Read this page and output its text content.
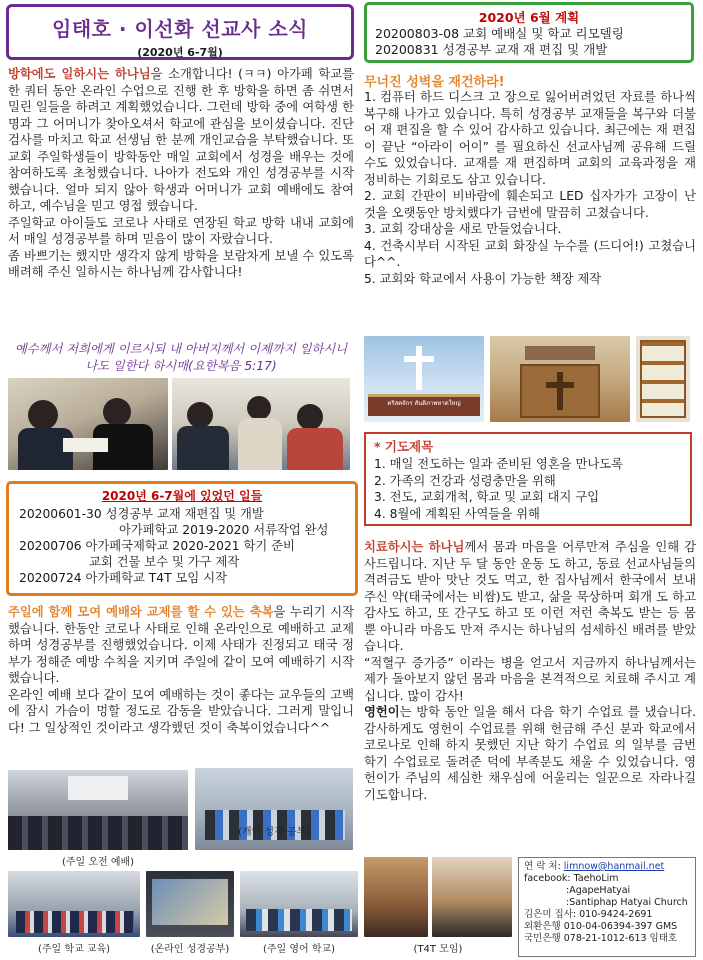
임태호 · 이선화 선교사 소식
(2020년 6-7월)
2020년 6월 계획
20200803-08 교회 예배실 및 학교 리모델링
20200831 성경공부 교재 재 편집 및 개발

방학에도 일하시는 하나님을 소개합니다! (ㅋㅋ) 아가페 학교를 한 쿼터 동안 온라인 수업으로 진행 한 후 방학을 하면 좀 쉬면서 밀린 일들을 하려고 계획했었습니다. 그런데 방학 중에 여학생 한 명과 그 어머니가 찾아오셔서 학교에 관심을 보이셨습니다. 진단검사를 마치고 학교 선생님 한 분께 개인교습을 부탁했습니다. 또 교회 주일학생들이 방학동안 매일 교회에서 성경을 배우는 것에 참여하도록 초청했습니다. 나아가 전도와 개인 성경공부를 시작했습니다. 얼마 되지 않아 학생과 어머니가 교회 예배에도 참여 하고, 예수님을 믿고 영접 했습니다.

주일학교 아이들도 코로나 사태로 연장된 학교 방학 내내 교회에서 매일 성경공부를 하며 믿음이 많이 자랐습니다.

좀 바쁘기는 했지만 생각지 않게 방학을 보람차게 보낼 수 있도록 배려해 주신 일하시는 하나님께 감사합니다!

예수께서 저희에게 이르시되 내 아버지께서 이제까지 일하시니 나도 일한다 하시매(요한복음 5:17)
2020년 6-7월에 있었던 일들
20200601-30 성경공부 교재 재편집 및 개발
아가페학교 2019-2020 서류작업 완성
20200706 아가페국제학교 2020-2021 학기 준비
교회 건물 보수 및 가구 제작
20200724 아가페학교 T4T 모임 시작

주일에 함께 모여 예배와 교제를 할 수 있는 축복을 누리기 시작했습니다. 한동안 코로나 사태로 인해 온라인으로 예배하고 교제하며 성경공부를 진행했었습니다. 이제 사태가 진정되고 태국 정부가 정해준 예방 수칙을 지키며 주일에 같이 모여 예배하기 시작했습니다.

온라인 예배 보다 같이 모여 예배하는 것이 좋다는 교우들의 고백에 잠시 가슴이 멍할 정도로 감동을 받았습니다. 그러게 말입니다! 그 일상적인 것이라고 생각했던 것이 축복이었습니다^^

(주일 오전 예배)
(개인 성경 공부)
(주일 학교 교육)	(온라인 성경공부)	(주일 영어 학교)	(T4T 모임)
무너진 성벽을 재건하라!

1. 컴퓨터 하드 디스크 고 장으로 잃어버려었던 자료를 하나씩 복구해 나가고 있습니다. 특히 성경공부 교재들을 복구와 더불어 재 편집을 할 수 있어 감사하고 있습니다. 최근에는 재 편집이 끝난 “아라이 어이” 를 필요하신 선교사님께 공유해 드릴 수도 있었습니다. 교재를 재 편집하며 교회의 교육과정을 재 정비하는 기회로도 삼고 있습니다.

2. 교회 간판이 비바람에 훼손되고 LED 십자가가 고장이 난 것을 오랫동안 방치했다가 금번에 말끔히 고쳤습니다.

3. 교회 강대상을 새로 만들었습니다.

4. 건축시부터 시작된 교회 화장실 누수를 (드디어!) 고쳤습니다^^.

5. 교회와 학교에서 사용이 가능한 책장 제작

คริสตจักร สันติภาพหาดใหญ่
* 기도제목
1. 매일 전도하는 일과 준비된 영혼을 만나도록
2. 가족의 건강과 성령충만을 위해
3. 전도, 교회개척, 학교 및 교회 대지 구입
4. 8월에 계획된 사역들을 위해

치료하시는 하나님께서 몸과 마음을 어루만져 주심을 인해 감사드립니다. 지난 두 달 동안 운동 도 하고, 동료 선교사님들의 격려금도 받아 맛난 것도 먹고, 한 집사님께서 한국에서 보내 주신 약(태국에서는 비쌈)도 받고, 삶을 묵상하며 회개 도 하고 감사도 하고, 또 간구도 하고 또 이런 저런 축복도 받는 등 몸 뿐 아니라 마음도 만져 주시는 하나님의 섬세하신 배려를 받았습니다.

“적혈구 증가증” 이라는 병을 얻고서 지금까지 하나님께서는 제가 돌아보지 않던 몸과 마음을 본격적으로 치료해 주시고 계십니다. 많이 감사!

영헌이는 방학 동안 일을 해서 다음 학기 수업료 를 냈습니다. 감사하게도 영헌이 수업료를 위해 헌금해 주신 분과 학교에서 코로나로 인해 하지 못했던 지난 학기 수업료 의 일부를 금번 학기 수업료로 돌려준 덕에 부족분도 채울 수 있었습니다. 영헌이가 주님의 세심한 채우심에 어울리는 일꾼으로 자라나길 기도합니다.

연 락 처: limnow@hanmail.net
facebook: TaehoLim
:AgapeHatyai
:Santiphap Hatyai Church
김은미 집사: 010-9424-2691
외환은행 010-04-06394-397 GMS
국민은행 078-21-1012-613 임태호
